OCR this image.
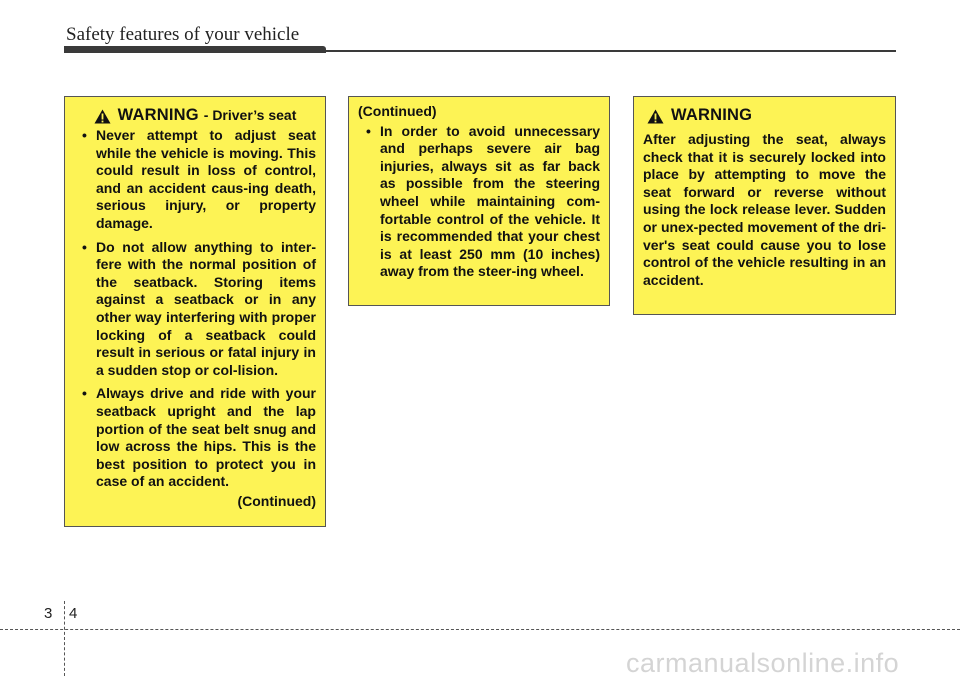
Safety features of your vehicle
WARNING - Driver’s seat
• Never attempt to adjust seat while the vehicle is moving. This could result in loss of control, and an accident caus-ing death, serious injury, or property damage.
• Do not allow anything to inter-fere with the normal position of the seatback. Storing items against a seatback or in any other way interfering with proper locking of a seatback could result in serious or fatal injury in a sudden stop or col-lision.
• Always drive and ride with your seatback upright and the lap portion of the seat belt snug and low across the hips. This is the best position to protect you in case of an accident.
(Continued)
(Continued)
• In order to avoid unnecessary and perhaps severe air bag injuries, always sit as far back as possible from the steering wheel while maintaining com-fortable control of the vehicle. It is recommended that your chest is at least 250 mm (10 inches) away from the steer-ing wheel.
WARNING
After adjusting the seat, always check that it is securely locked into place by attempting to move the seat forward or reverse without using the lock release lever. Sudden or unex-pected movement of the dri-ver's seat could cause you to lose control of the vehicle resulting in an accident.
3 4
carmanualsonline.info
